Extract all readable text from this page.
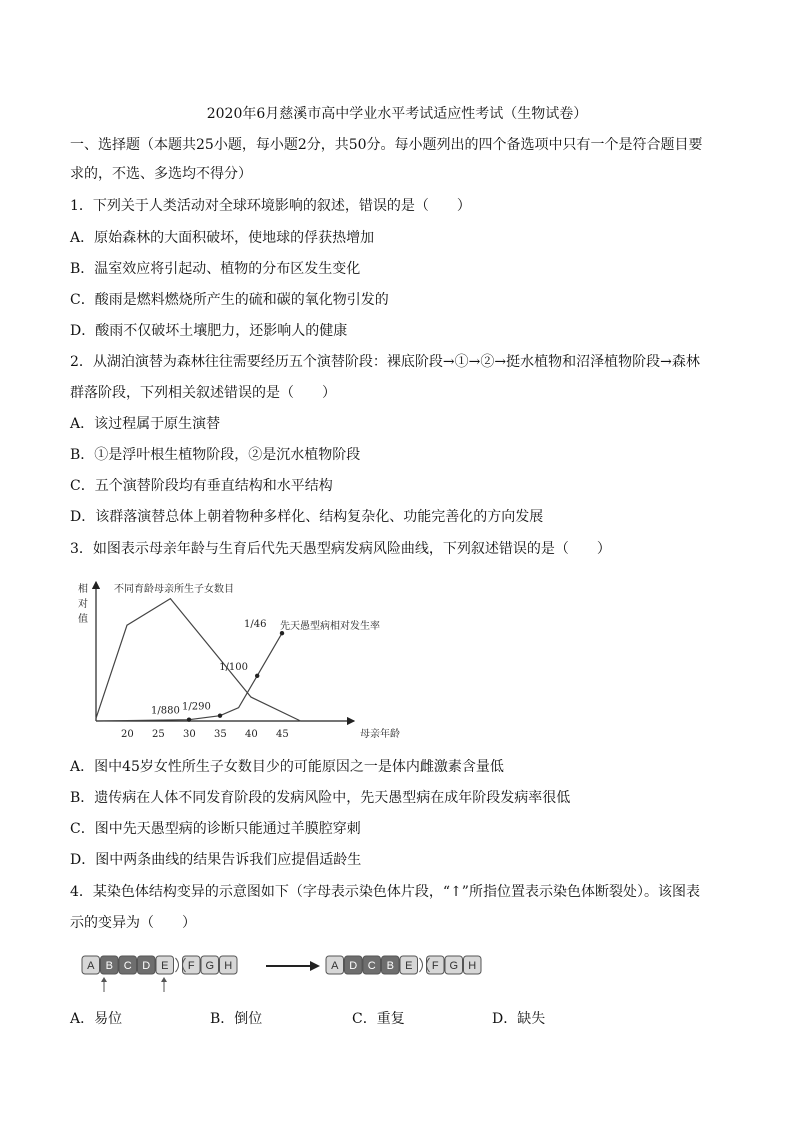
2020年6月慈溪市高中学业水平考试适应性考试（生物试卷）
一、选择题（本题共25小题，每小题2分，共50分。每小题列出的四个备选项中只有一个是符合题目要
求的，不选、多选均不得分）
1．下列关于人类活动对全球环境影响的叙述，错误的是（　　）
A．原始森林的大面积破坏，使地球的俘获热增加
B．温室效应将引起动、植物的分布区发生变化
C．酸雨是燃料燃烧所产生的硫和碳的氧化物引发的
D．酸雨不仅破坏土壤肥力，还影响人的健康
2．从湖泊演替为森林往往需要经历五个演替阶段：裸底阶段→①→②→挺水植物和沼泽植物阶段→森林
群落阶段，下列相关叙述错误的是（　　）
A．该过程属于原生演替
B．①是浮叶根生植物阶段，②是沉水植物阶段
C．五个演替阶段均有垂直结构和水平结构
D．该群落演替总体上朝着物种多样化、结构复杂化、功能完善化的方向发展
3．如图表示母亲年龄与生育后代先天愚型病发病风险曲线，下列叙述错误的是（　　）
相
对
值
母亲年龄
20 25 30 35 40 45
1/880 1/290
1/100
1/46
不同育龄母亲所生子女数目
先天愚型病相对发生率
A．图中45岁女性所生子女数目少的可能原因之一是体内雌激素含量低
B．遗传病在人体不同发育阶段的发病风险中，先天愚型病在成年阶段发病率很低
C．图中先天愚型病的诊断只能通过羊膜腔穿刺
D．图中两条曲线的结果告诉我们应提倡适龄生
4．某染色体结构变异的示意图如下（字母表示染色体片段，“↑”所指位置表示染色体断裂处）。该图表
示的变异为（　　）
A B C D E F G H	A D C B E F G H
A．易位	B．倒位	C．重复	D．缺失
